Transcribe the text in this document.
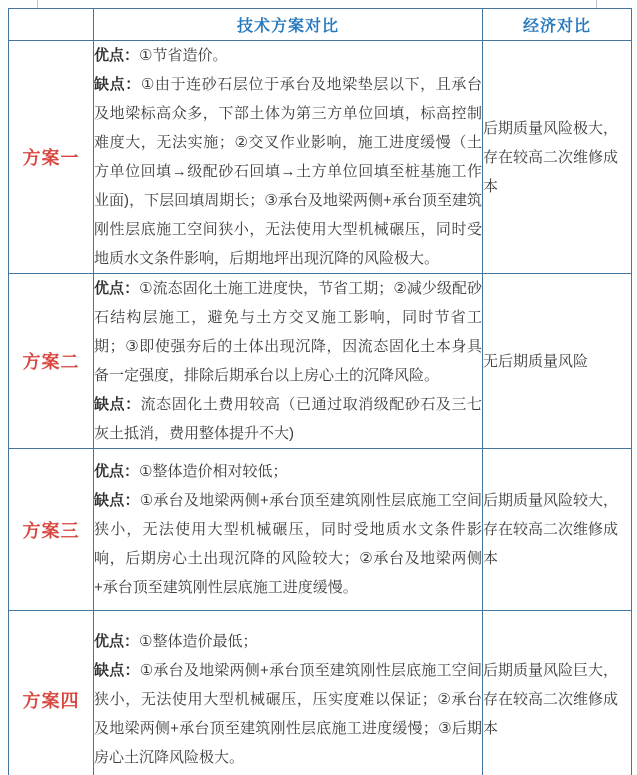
	技术方案对比	经济对比
方案一	优点：①节省造价。

缺点：①由于连砂石层位于承台及地梁垫层以下，且承台及地梁标高众多，下部土体为第三方单位回填，标高控制难度大，无法实施；②交叉作业影响，施工进度缓慢（土方单位回填→级配砂石回填→土方单位回填至桩基施工作业面)，下层回填周期长；③承台及地梁两侧+承台顶至建筑刚性层底施工空间狭小，无法使用大型机械碾压，同时受地质水文条件影响，后期地坪出现沉降的风险极大。	后期质量风险极大，存在较高二次维修成本
方案二	优点：①流态固化土施工进度快，节省工期；②减少级配砂石结构层施工，避免与土方交叉施工影响，同时节省工期；③即使强夯后的土体出现沉降，因流态固化土本身具备一定强度，排除后期承台以上房心土的沉降风险。

缺点：流态固化土费用较高（已通过取消级配砂石及三七灰土抵消，费用整体提升不大)	无后期质量风险
方案三	优点：①整体造价相对较低；

缺点：①承台及地梁两侧+承台顶至建筑刚性层底施工空间狭小，无法使用大型机械碾压，同时受地质水文条件影响，后期房心土出现沉降的风险较大；②承台及地梁两侧+承台顶至建筑刚性层底施工进度缓慢。	后期质量风险较大，存在较高二次维修成本
方案四	优点：①整体造价最低；

缺点：①承台及地梁两侧+承台顶至建筑刚性层底施工空间狭小，无法使用大型机械碾压，压实度难以保证；②承台及地梁两侧+承台顶至建筑刚性层底施工进度缓慢；③后期房心土沉降风险极大。	后期质量风险巨大，存在较高二次维修成本
